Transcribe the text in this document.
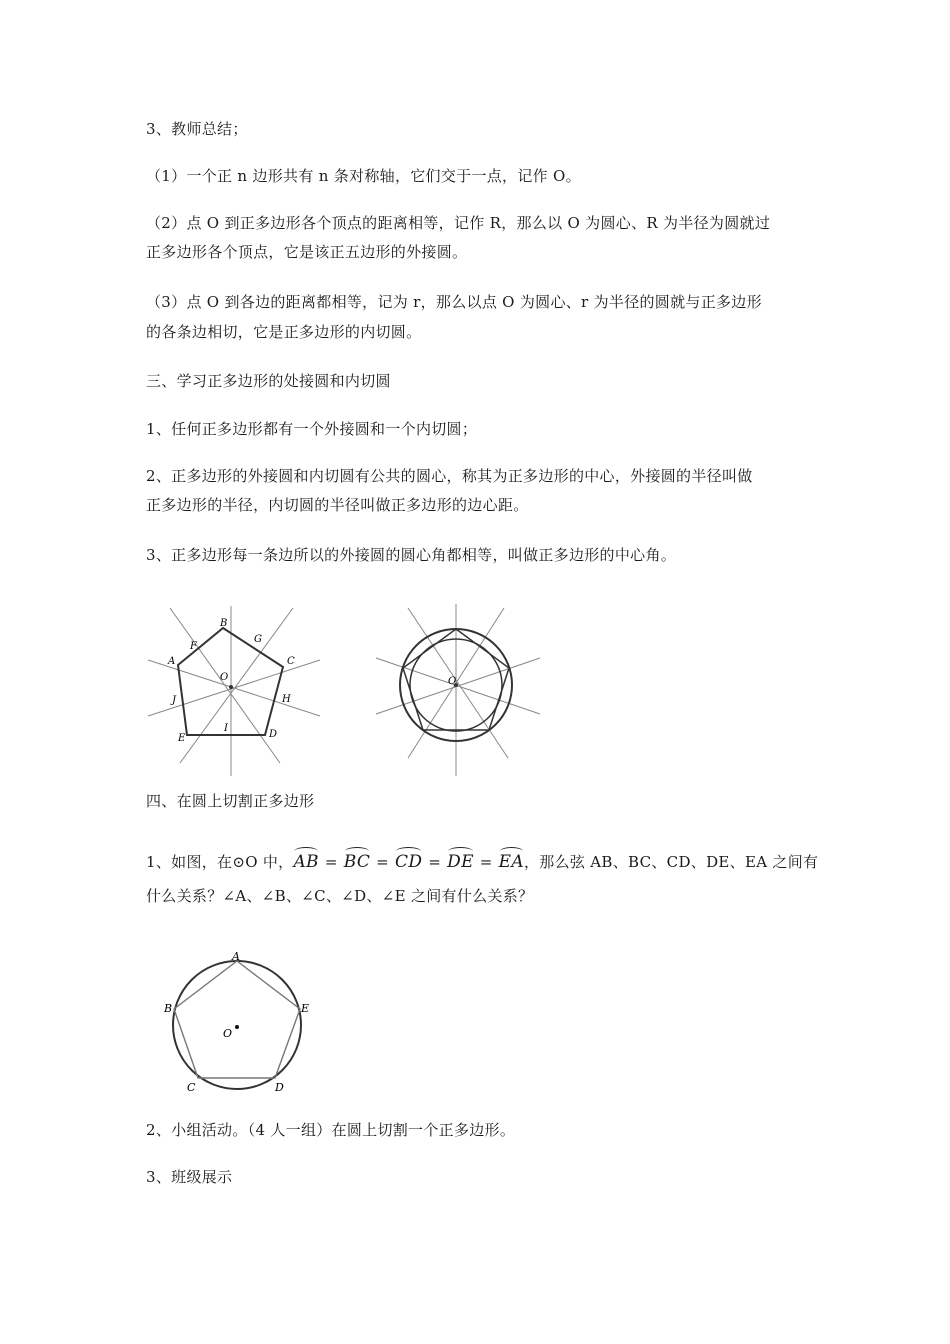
3、教师总结；
（1）一个正 n 边形共有 n 条对称轴，它们交于一点，记作 O。
（2）点 O 到正多边形各个顶点的距离相等，记作 R，那么以 O 为圆心、R 为半径为圆就过
正多边形各个顶点，它是该正五边形的外接圆。
（3）点 O 到各边的距离都相等，记为 r，那么以点 O 为圆心、r 为半径的圆就与正多边形
的各条边相切，它是正多边形的内切圆。
三、学习正多边形的处接圆和内切圆
1、任何正多边形都有一个外接圆和一个内切圆；
2、正多边形的外接圆和内切圆有公共的圆心，称其为正多边形的中心，外接圆的半径叫做
正多边形的半径，内切圆的半径叫做正多边形的边心距。
3、正多边形每一条边所以的外接圆的圆心角都相等，叫做正多边形的中心角。
B
A	C
D
E
F
G
H
I
J
O	O
四、在圆上切割正多边形
1、如图，在⊙O 中，AB = BC = CD = DE = EA，那么弦 AB、BC、CD、DE、EA 之间有
什么关系？∠A、∠B、∠C、∠D、∠E 之间有什么关系？
A
B
C	D
E
O
2、小组活动。（4 人一组）在圆上切割一个正多边形。
3、班级展示
